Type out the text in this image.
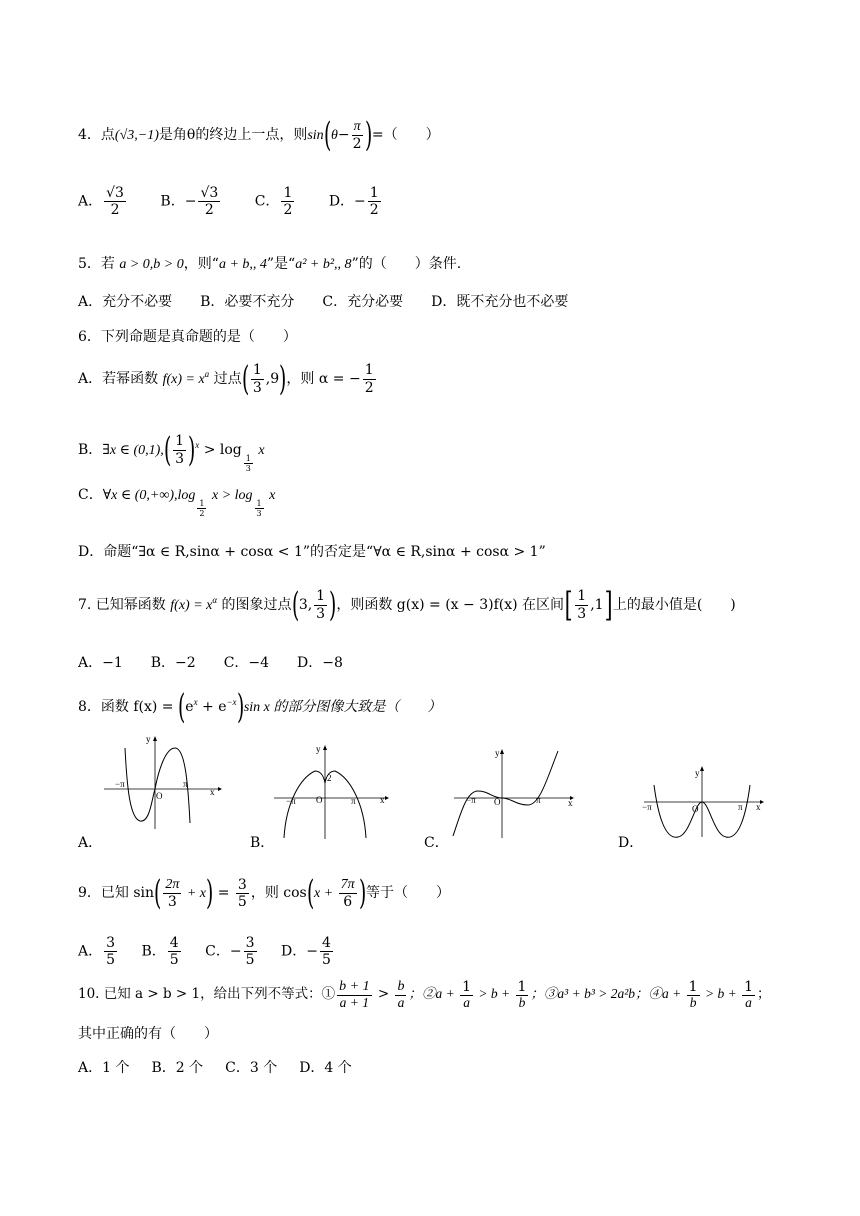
4．点(√3,−1)是角θ的终边上一点，则$\sin(\theta- \frac{\pi}{2}$ )=（　　）
A． $\frac{√3}{2}$ B．− $\frac{√3}{2}$ C． $\frac{1}{2}$ D．− $\frac{1}{2}$
5．若 a > 0,b > 0，则“a + b,, 4”是“a² + b²,, 8”的（　　）条件.
A．充分不必要 B．必要不充分 C．充分必要 D．既不充分也不必要
6．下列命题是真命题的是（　　）
A．若幂函数 $f(x) = x^a$ 过点( $\frac{1}{3} ,9$)，则 α = − $\frac{1}{2}$
B．∃x ∈ $(0,1),( \frac{1}{3} )^x > \log$
$\frac{1}{3}$
x
C．∀x ∈ (0,+∞),log
$\frac{1}{2}$
x > log
$\frac{1}{3}$
x
D．命题“∃α ∈ R,sinα + cosα < 1”的否定是“∀α ∈ R,sinα + cosα > 1”
7. 已知幂函数 $f(x) = x^\alpha$ 的图象过点(3, $\frac{1}{3}$ )，则函数 g(x) = (x − 3)f(x) 在区间[ $\frac{1}{3} ,1$]上的最小值是(　　)
A．−1 B．−2 C．−4 D．−8
8．函数 $f(x) = (e^x + e^{-x})\sin$ x 的部分图像大致是（　　）
y
x
−π
O
π
A．
y
x
−π O	π
2
B．
y
x
−π O	π
C．
y
x
−π	O	π
D．
9．已知 $\sin( \frac{2\pi}{3} + x) = \frac{3}{5}$ ，则 $\cos(x + \frac{7\pi}{6}$ )等于（　　）
A． $\frac{3}{5}$ B． $\frac{4}{5}$ C．− $\frac{3}{5}$ D．− $\frac{4}{5}$
10. 已知 a > b > 1，给出下列不等式：① $\frac{b + 1}{a + 1} > \frac{b}{a}$ ；②a + $\frac{1}{a} > b + \frac{1}{b}$ ；③a³ + b³ > 2a²b；④a + $\frac{1}{b} > b + \frac{1}{a}$ ；
其中正确的有（　　）
A．1 个 B．2 个 C．3 个 D．4 个
